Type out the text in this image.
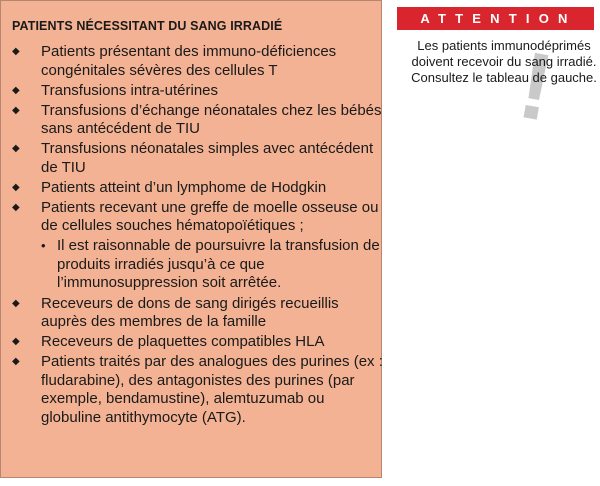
PATIENTS NÉCESSITANT DU SANG IRRADIÉ
◆ Patients présentant des immuno-déficiences congénitales sévères des cellules T
◆ Transfusions intra-utérines
◆ Transfusions d’échange néonatales chez les bébés sans antécédent de TIU
◆ Transfusions néonatales simples avec antécédent de TIU
◆ Patients atteint d’un lymphome de Hodgkin
◆ Patients recevant une greffe de moelle osseuse ou de cellules souches hématopoïétiques ;
• Il est raisonnable de poursuivre la transfusion de produits irradiés jusqu’à ce que l’immunosuppression soit arrêtée.
◆ Receveurs de dons de sang dirigés recueillis auprès des membres de la famille
◆ Receveurs de plaquettes compatibles HLA
◆ Patients traités par des analogues des purines (ex : fludarabine), des antagonistes des purines (par exemple, bendamustine), alemtuzumab ou globuline antithymocyte (ATG).
ATTENTION
!
Les patients immunodéprimés doivent recevoir du sang irradié. Consultez le tableau de gauche.
